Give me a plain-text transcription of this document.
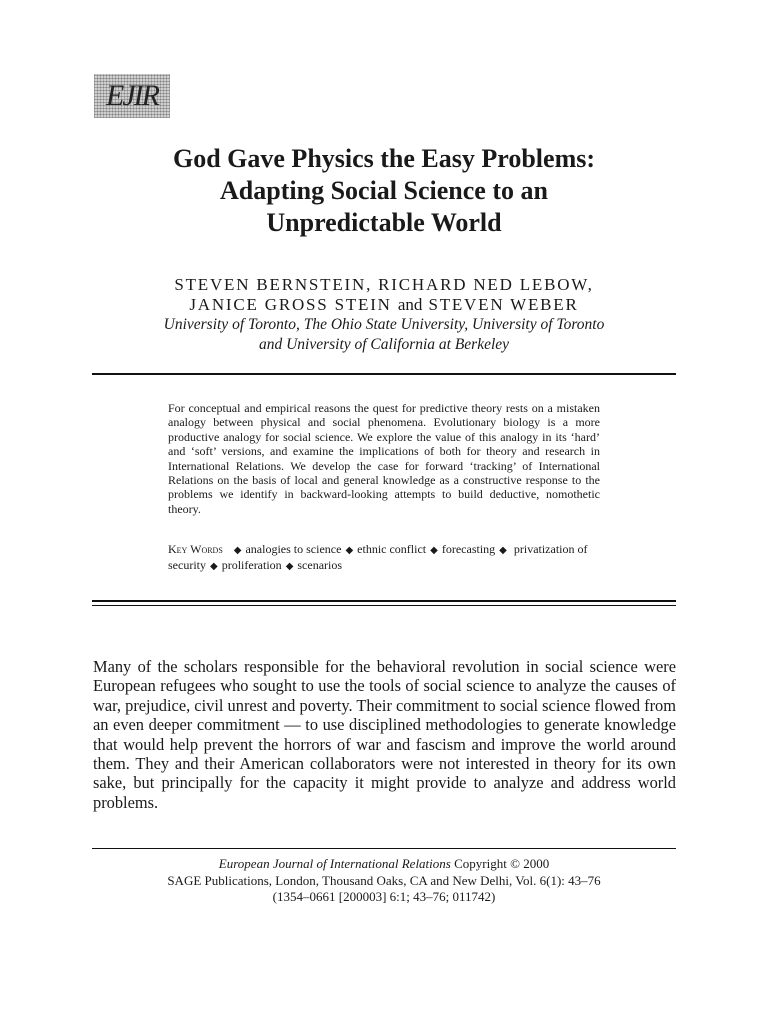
EJIR
God Gave Physics the Easy Problems:
Adapting Social Science to an
Unpredictable World
STEVEN BERNSTEIN, RICHARD NED LEBOW,
JANICE GROSS STEIN and STEVEN WEBER
University of Toronto, The Ohio State University, University of Toronto
and University of California at Berkeley

For conceptual and empirical reasons the quest for predictive theory rests on a mistaken analogy between physical and social phenomena. Evolutionary biology is a more productive analogy for social science. We explore the value of this analogy in its ‘hard’ and ‘soft’ versions, and examine the implications of both for theory and research in International Relations. We develop the case for forward ‘tracking’ of International Relations on the basis of local and general knowledge as a constructive response to the problems we identify in backward-looking attempts to build deductive, nomothetic theory.

Key Words ◆ analogies to science ◆ ethnic conflict ◆ forecasting ◆ privatization of security ◆ proliferation ◆ scenarios

Many of the scholars responsible for the behavioral revolution in social science were European refugees who sought to use the tools of social science to analyze the causes of war, prejudice, civil unrest and poverty. Their commitment to social science flowed from an even deeper commitment — to use disciplined methodologies to generate knowledge that would help prevent the horrors of war and fascism and improve the world around them. They and their American collaborators were not interested in theory for its own sake, but principally for the capacity it might provide to analyze and address world problems.

European Journal of International Relations Copyright © 2000
SAGE Publications, London, Thousand Oaks, CA and New Delhi, Vol. 6(1): 43–76
(1354–0661 [200003] 6:1; 43–76; 011742)
